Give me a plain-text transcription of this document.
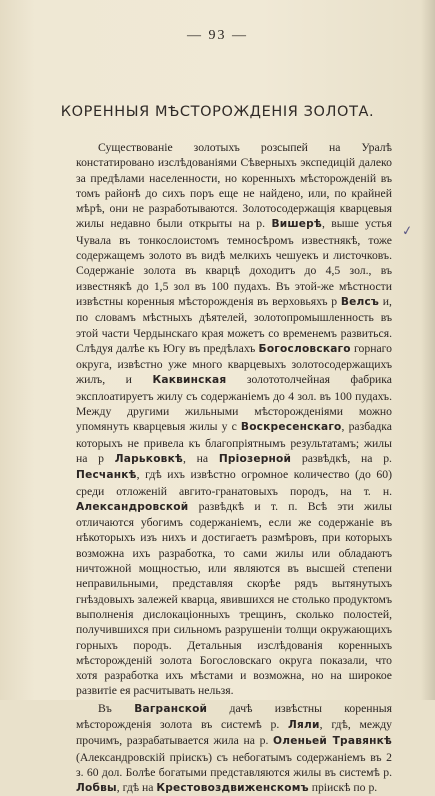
— 93 —
КОРЕННЫЯ МѢСТОРОЖДЕНІЯ ЗОЛОТА.

Существованіе золотыхъ розсыпей на Уралѣ констатировано изслѣдованіями Сѣверныхъ экспедицій далеко за предѣлами населенности, но коренныхъ мѣсторожденій въ томъ районѣ до сихъ поръ еще не найдено, или, по крайней мѣрѣ, они не разработываются. Золотосодержащія кварцевыя жилы недавно были открыты на р. Вишерѣ, выше устья Чувала въ тонкослоистомъ темносѣромъ известнякѣ, тоже содержащемъ золото въ видѣ мелкихъ чешуекъ и листочковъ. Содержаніе золота въ кварцѣ доходитъ до 4,5 зол., въ известнякѣ до 1,5 зол въ 100 пудахъ. Въ этой-же мѣстности извѣстны коренныя мѣсторожденія въ верховьяхъ р Велсъ и, по словамъ мѣстныхъ дѣятелей, золотопромышленность въ этой части Чердынскаго края можетъ со временемъ развиться. Слѣдуя далѣе къ Югу въ предѣлахъ Богословскаго горнаго округа, извѣстно уже много кварцевыхъ золотосодержащихъ жилъ, и Каквинская золототолчейная фабрика эксплоатируетъ жилу съ содержаніемъ до 4 зол. въ 100 пудахъ. Между другими жильными мѣсторожденіями можно упомянуть кварцевыя жилы у с Воскресенскаго, разбадка которыхъ не привела къ благопріятнымъ результатамъ; жилы на р Ларьковкѣ, на Пріозерной развѣдкѣ, на р. Песчанкѣ, гдѣ ихъ извѣстно огромное количество (до 60) среди отложеній авгито-гранатовыхъ породъ, на т. н. Александровской развѣдкѣ и т. п. Всѣ эти жилы отличаются убогимъ содержаніемъ, если же содержаніе въ нѣкоторыхъ изъ нихъ и достигаетъ размѣровъ, при которыхъ возможна ихъ разработка, то сами жилы или обладаютъ ничтожной мощностью, или являются въ высшей степени неправильными, представляя скорѣе рядъ вытянутыхъ гнѣздовыхъ залежей кварца, явившихся не столько продуктомъ выполненія дислокаціонныхъ трещинъ, сколько полостей, получившихся при сильномъ разрушеніи толщи окружающихъ горныхъ породъ. Детальныя изслѣдованія коренныхъ мѣсторожденій золота Богословскаго округа показали, что хотя разработка ихъ мѣстами и возможна, но на широкое развитіе ея расчитывать нельзя.

Въ Вагранской дачѣ извѣстны коренныя мѣсторожденія золота въ системѣ р. Ляли, гдѣ, между прочимъ, разрабатывается жила на р. Оленьей Травянкѣ (Александровскій пріискъ) съ небогатымъ содержаніемъ въ 2 з. 60 дол. Болѣе богатыми представляются жилы въ системѣ р. Лобвы, гдѣ на Крестовоздвиженскомъ пріискѣ по р.

✓
